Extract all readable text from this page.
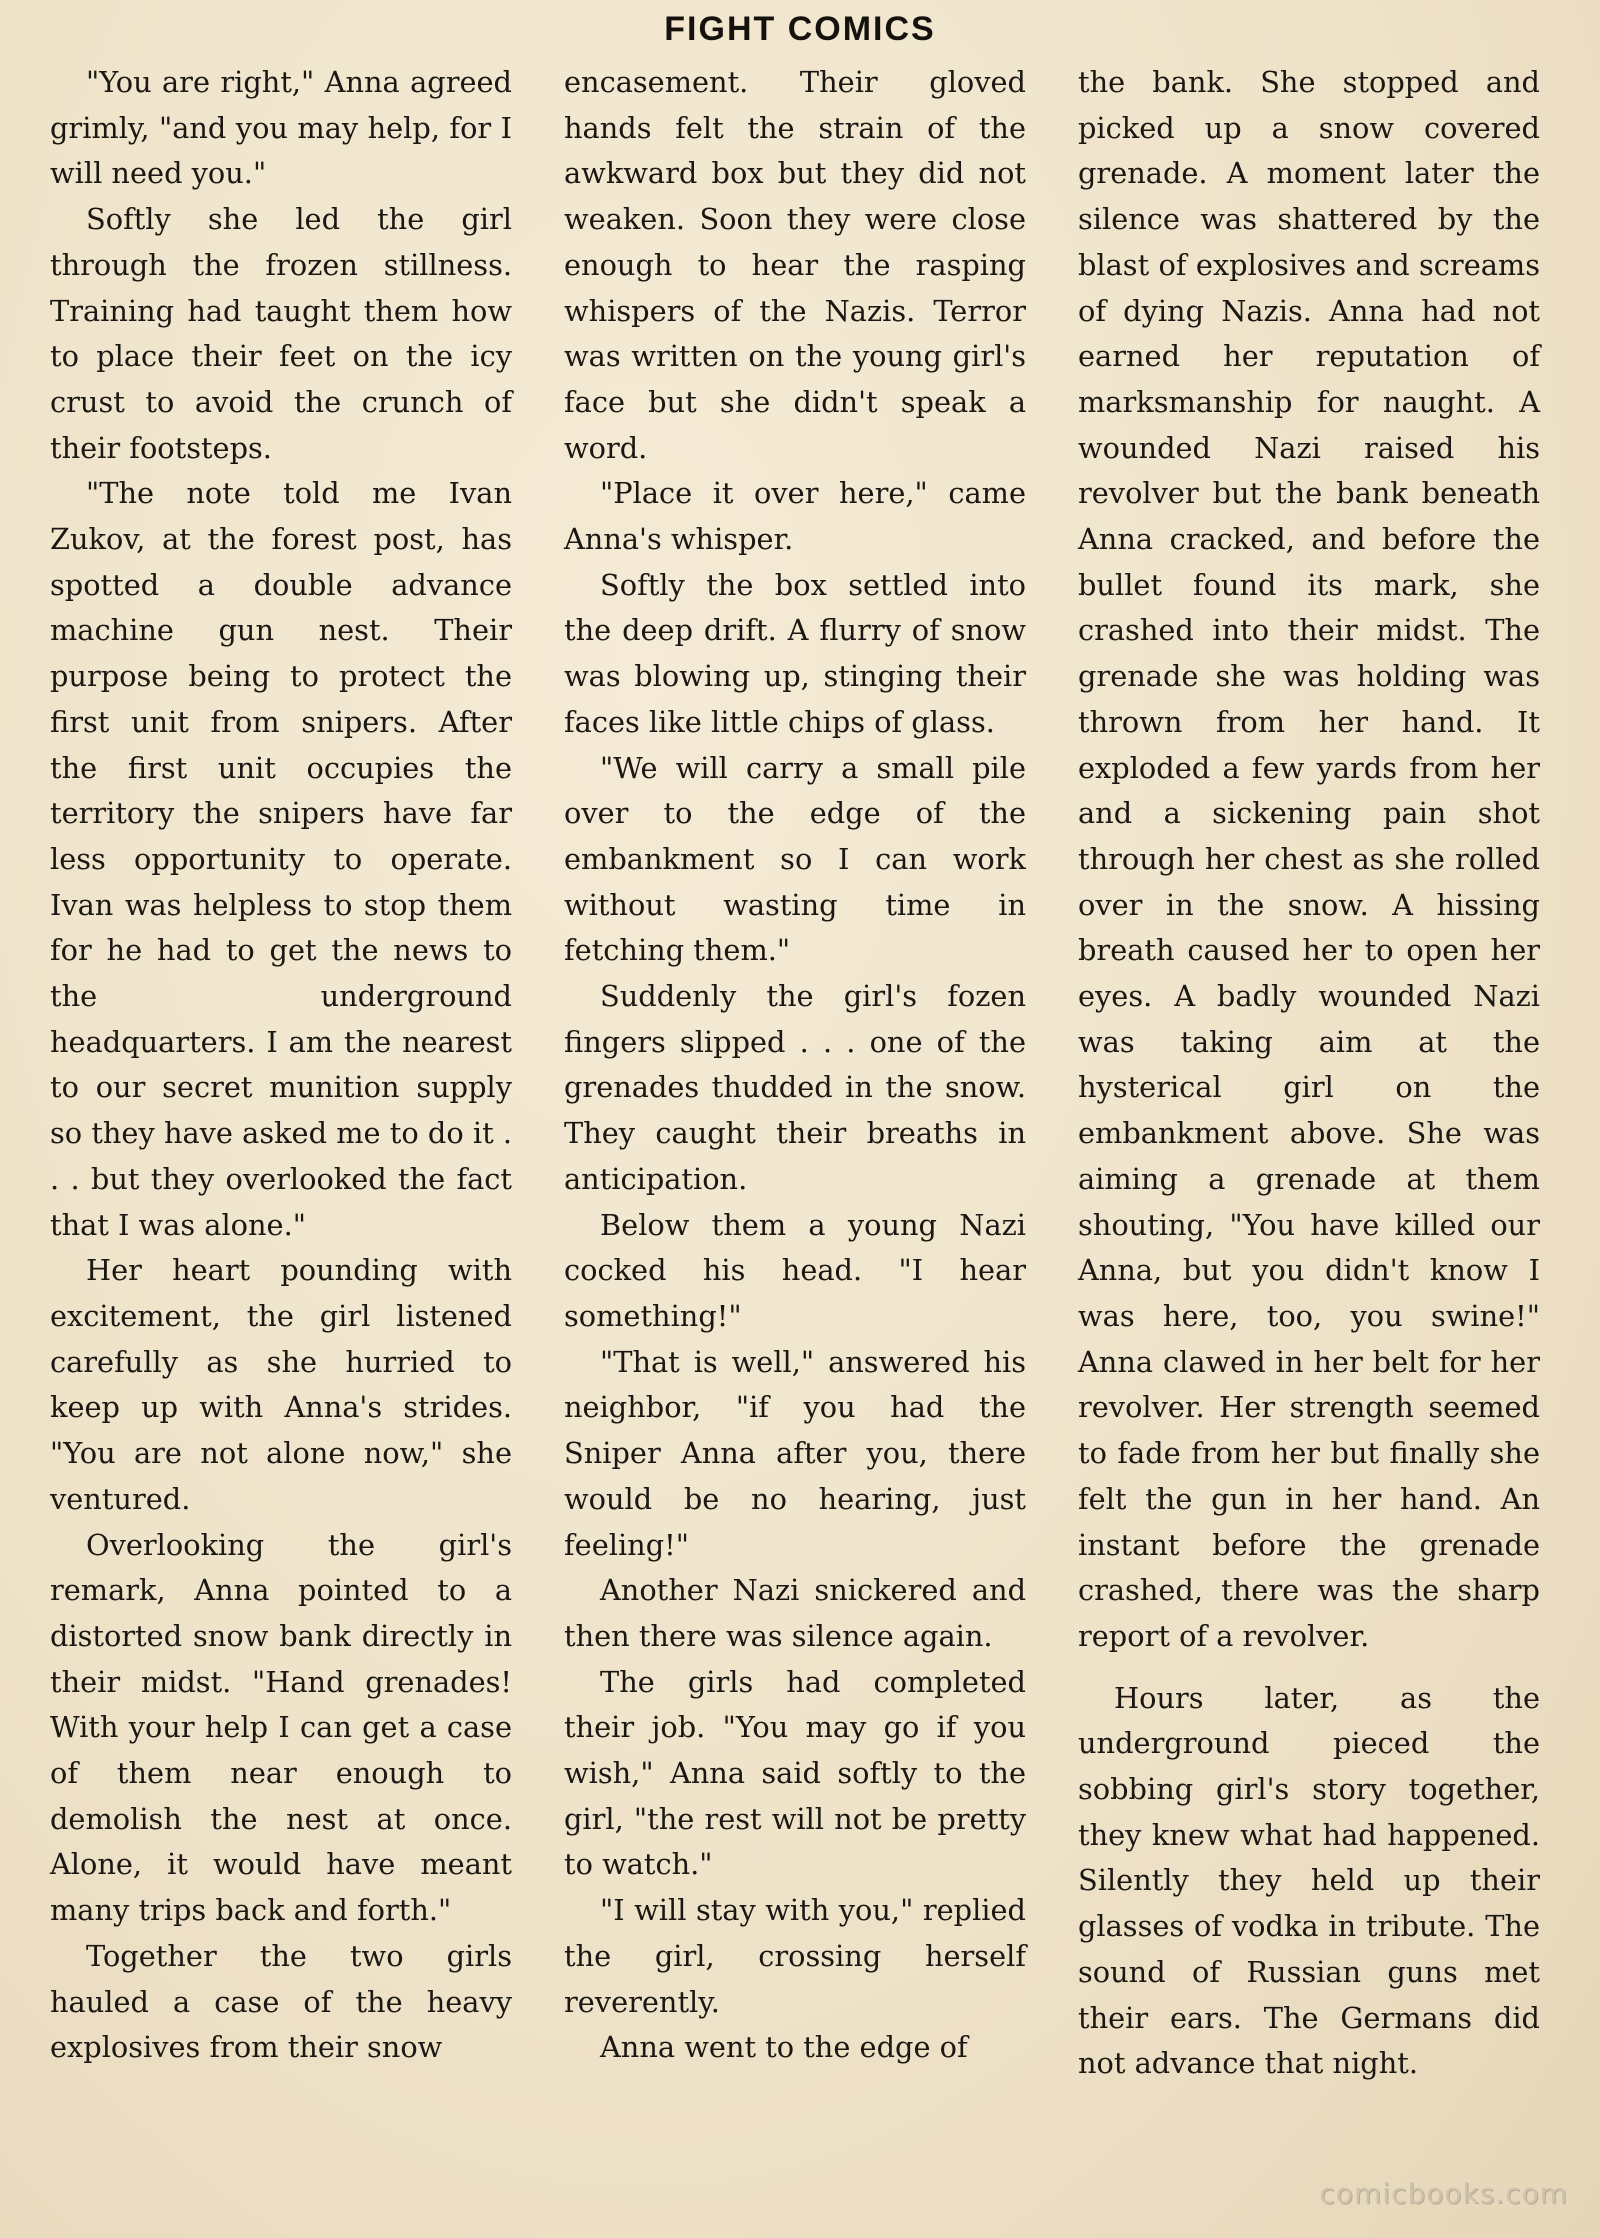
FIGHT COMICS

"You are right," Anna agreed grimly, "and you may help, for I will need you."

Softly she led the girl through the frozen stillness. Training had taught them how to place their feet on the icy crust to avoid the crunch of their footsteps.

"The note told me Ivan Zukov, at the forest post, has spotted a double advance machine gun nest. Their purpose being to protect the first unit from snipers. After the first unit occupies the territory the snipers have far less opportunity to operate. Ivan was helpless to stop them for he had to get the news to the underground headquarters. I am the nearest to our secret munition supply so they have asked me to do it . . . but they overlooked the fact that I was alone."

Her heart pounding with excitement, the girl listened carefully as she hurried to keep up with Anna's strides. "You are not alone now," she ventured.

Overlooking the girl's remark, Anna pointed to a distorted snow bank directly in their midst. "Hand grenades! With your help I can get a case of them near enough to demolish the nest at once. Alone, it would have meant many trips back and forth."

Together the two girls hauled a case of the heavy explosives from their snow

encasement. Their gloved hands felt the strain of the awkward box but they did not weaken. Soon they were close enough to hear the rasping whispers of the Nazis. Terror was written on the young girl's face but she didn't speak a word.

"Place it over here," came Anna's whisper.

Softly the box settled into the deep drift. A flurry of snow was blowing up, stinging their faces like little chips of glass.

"We will carry a small pile over to the edge of the embankment so I can work without wasting time in fetching them."

Suddenly the girl's fozen fingers slipped . . . one of the grenades thudded in the snow. They caught their breaths in anticipation.

Below them a young Nazi cocked his head. "I hear something!"

"That is well," answered his neighbor, "if you had the Sniper Anna after you, there would be no hearing, just feeling!"

Another Nazi snickered and then there was silence again.

The girls had completed their job. "You may go if you wish," Anna said softly to the girl, "the rest will not be pretty to watch."

"I will stay with you," replied the girl, crossing herself reverently.

Anna went to the edge of

the bank. She stopped and picked up a snow covered grenade. A moment later the silence was shattered by the blast of explosives and screams of dying Nazis. Anna had not earned her reputation of marksmanship for naught. A wounded Nazi raised his revolver but the bank beneath Anna cracked, and before the bullet found its mark, she crashed into their midst. The grenade she was holding was thrown from her hand. It exploded a few yards from her and a sickening pain shot through her chest as she rolled over in the snow. A hissing breath caused her to open her eyes. A badly wounded Nazi was taking aim at the hysterical girl on the embankment above. She was aiming a grenade at them shouting, "You have killed our Anna, but you didn't know I was here, too, you swine!" Anna clawed in her belt for her revolver. Her strength seemed to fade from her but finally she felt the gun in her hand. An instant before the grenade crashed, there was the sharp report of a revolver.

Hours later, as the underground pieced the sobbing girl's story together, they knew what had happened. Silently they held up their glasses of vodka in tribute. The sound of Russian guns met their ears. The Germans did not advance that night.

comicbooks.com
